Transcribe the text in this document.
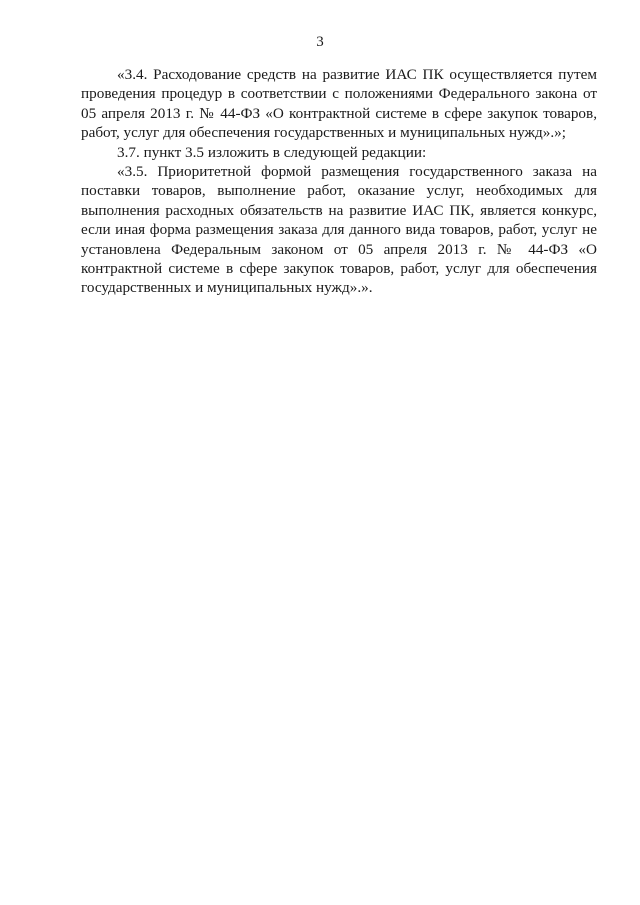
3

«3.4. Расходование средств на развитие ИАС ПК осуществляется путем проведения процедур в соответствии с положениями Федерального закона от 05 апреля 2013 г. № 44-ФЗ «О контрактной системе в сфере закупок товаров, работ, услуг для обеспечения государственных и муниципальных нужд».»;

3.7. пункт 3.5 изложить в следующей редакции:

«3.5. Приоритетной формой размещения государственного заказа на поставки товаров, выполнение работ, оказание услуг, необходимых для выполнения расходных обязательств на развитие ИАС ПК, является конкурс, если иная форма размещения заказа для данного вида товаров, работ, услуг не установлена Федеральным законом от 05 апреля 2013 г. № 44-ФЗ «О контрактной системе в сфере закупок товаров, работ, услуг для обеспечения государственных и муниципальных нужд».».
